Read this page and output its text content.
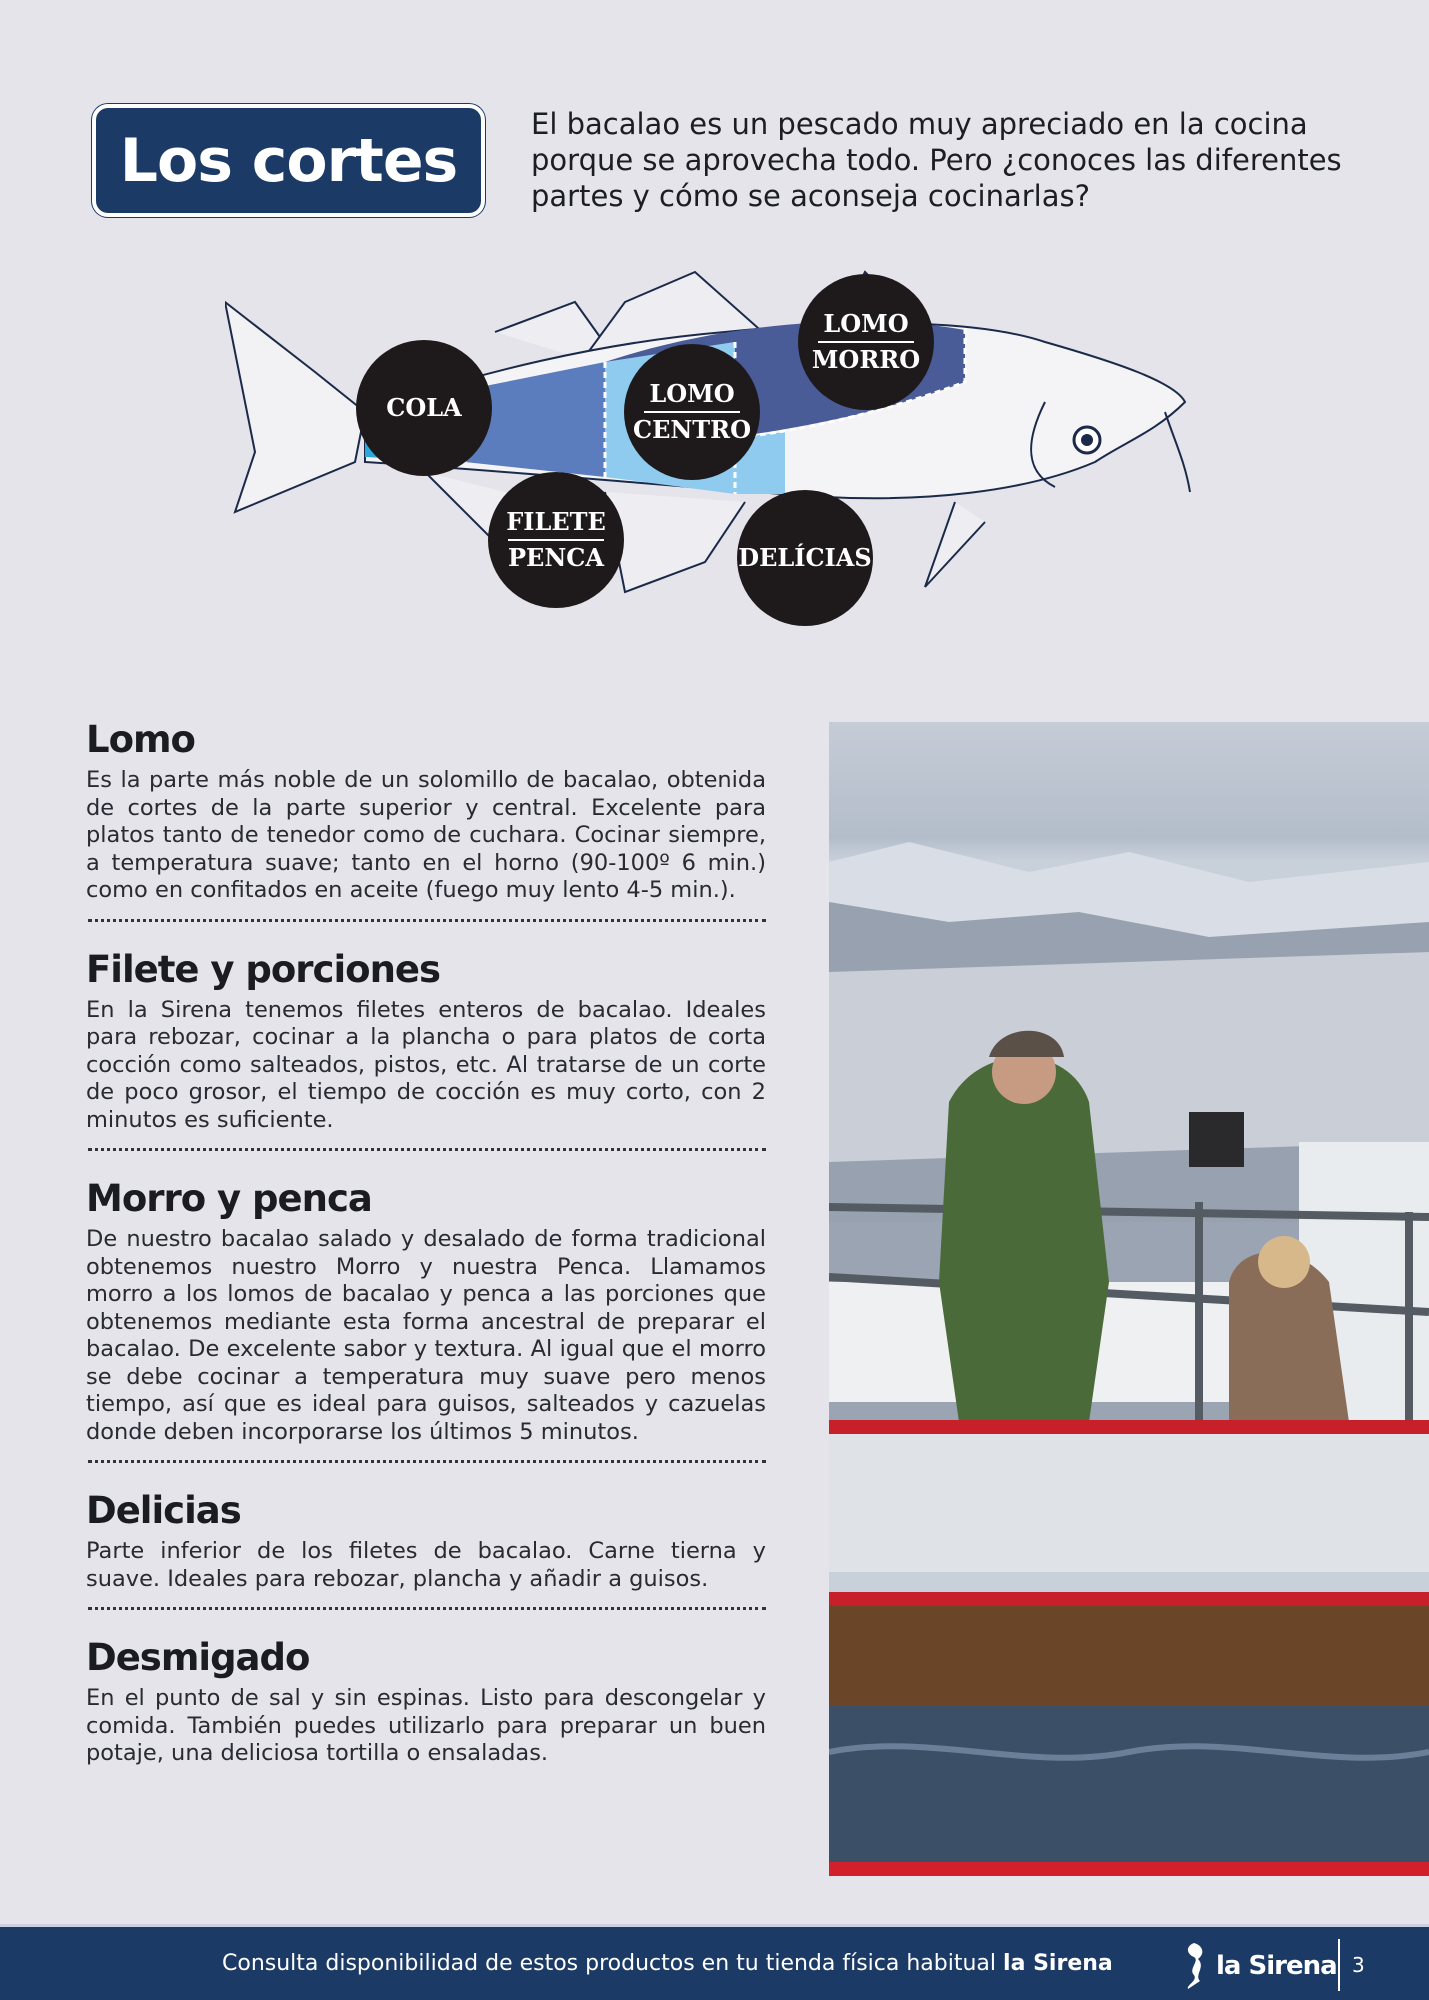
Los cortes

El bacalao es un pescado muy apreciado en la cocina porque se aprovecha todo. Pero ¿conoces las diferentes partes y cómo se aconseja cocinarlas?

COLA	LOMO
CENTRO
LOMO
MORRO
FILETE
PENCA	DELÍCIAS
Lomo

Es la parte más noble de un solomillo de bacalao, obtenida de cortes de la parte superior y central. Excelente para platos tanto de tenedor como de cuchara. Cocinar siempre, a temperatura suave; tanto en el horno (90-100º 6 min.) como en confitados en aceite (fuego muy lento 4-5 min.).

Filete y porciones

En la Sirena tenemos filetes enteros de bacalao. Ideales para rebozar, cocinar a la plancha o para platos de corta cocción como salteados, pistos, etc. Al tratarse de un corte de poco grosor, el tiempo de cocción es muy corto, con 2 minutos es suficiente.

Morro y penca

De nuestro bacalao salado y desalado de forma tradicional obtenemos nuestro Morro y nuestra Penca. Llamamos morro a los lomos de bacalao y penca a las porciones que obtenemos mediante esta forma ancestral de preparar el bacalao. De excelente sabor y textura. Al igual que el morro se debe cocinar a temperatura muy suave pero menos tiempo, así que es ideal para guisos, salteados y cazuelas donde deben incorporarse los últimos 5 minutos.

Delicias

Parte inferior de los filetes de bacalao. Carne tierna y suave. Ideales para rebozar, plancha y añadir a guisos.

Desmigado

En el punto de sal y sin espinas. Listo para descongelar y comida. También puedes utilizarlo para preparar un buen potaje, una deliciosa tortilla o ensaladas.

Consulta disponibilidad de estos productos en tu tienda física habitual la Sirena	la Sirena 3
